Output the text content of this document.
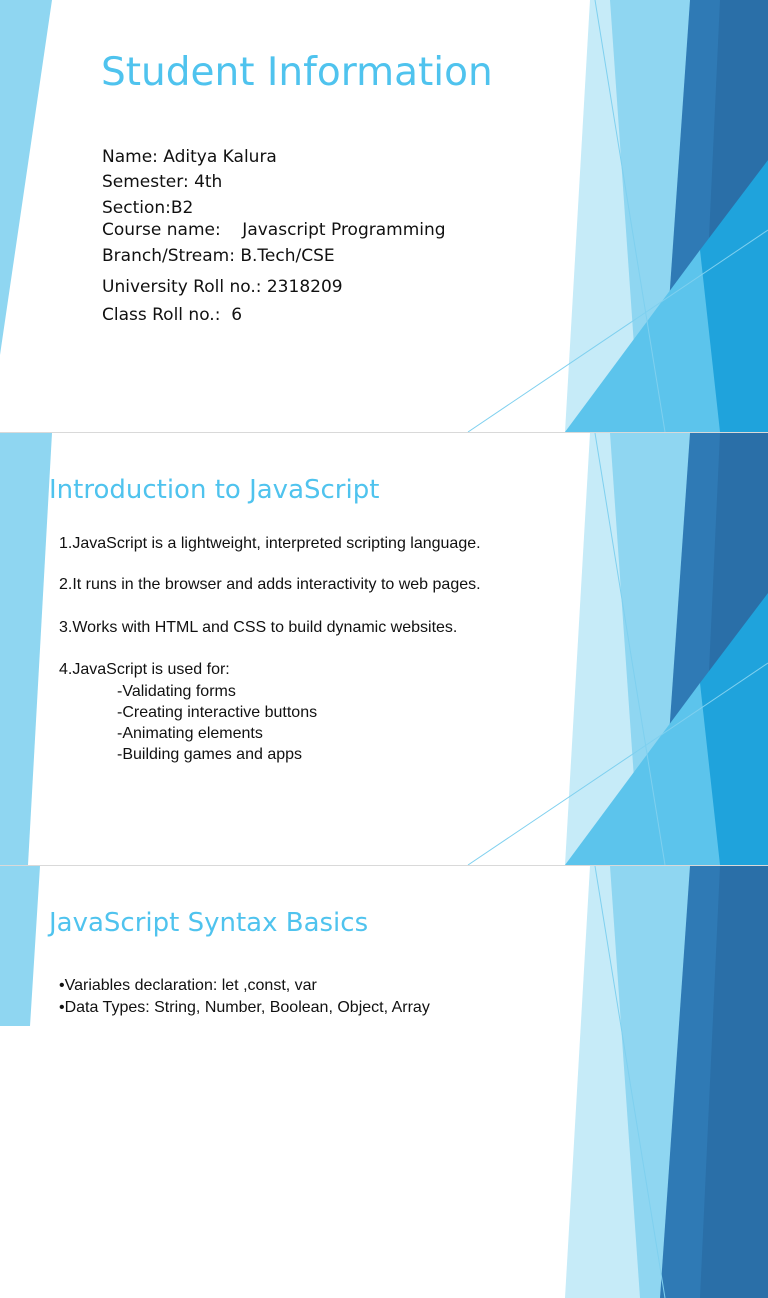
Student Information
Name: Aditya Kalura
Semester: 4th
Section:B2
Course name:    Javascript Programming
Branch/Stream: B.Tech/CSE
University Roll no.: 2318209
Class Roll no.:  6
Introduction to JavaScript
1.JavaScript is a lightweight, interpreted scripting language.
2.It runs in the browser and adds interactivity to web pages.
3.Works with HTML and CSS to build dynamic websites.
4.JavaScript is used for:
-Validating forms
-Creating interactive buttons
-Animating elements
-Building games and apps
JavaScript Syntax Basics
•Variables declaration: let ,const, var
•Data Types: String, Number, Boolean, Object, Array
